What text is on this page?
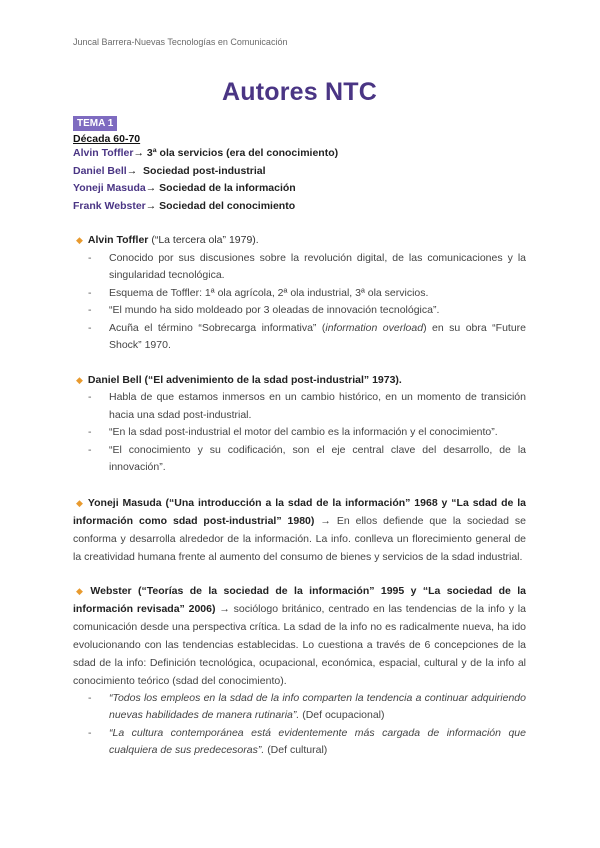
Juncal Barrera-Nuevas Tecnologías en Comunicación
Autores NTC
TEMA 1
Década 60-70
Alvin Toffler→ 3ª ola servicios (era del conocimiento)
Daniel Bell→ Sociedad post-industrial
Yoneji Masuda→ Sociedad de la información
Frank Webster→ Sociedad del conocimiento
◆ Alvin Toffler (“La tercera ola” 1979).
- Conocido por sus discusiones sobre la revolución digital, de las comunicaciones y la singularidad tecnológica.
- Esquema de Toffler: 1ª ola agrícola, 2ª ola industrial, 3ª ola servicios.
- “El mundo ha sido moldeado por 3 oleadas de innovación tecnológica”.
- Acuña el término “Sobrecarga informativa” (information overload) en su obra “Future Shock” 1970.
◆ Daniel Bell (“El advenimiento de la sdad post-industrial” 1973).
- Habla de que estamos inmersos en un cambio histórico, en un momento de transición hacia una sdad post-industrial.
- “En la sdad post-industrial el motor del cambio es la información y el conocimiento”.
- “El conocimiento y su codificación, son el eje central clave del desarrollo, de la innovación”.
◆ Yoneji Masuda (“Una introducción a la sdad de la información” 1968 y “La sdad de la información como sdad post-industrial” 1980) → En ellos defiende que la sociedad se conforma y desarrolla alrededor de la información. La info. conlleva un florecimiento general de la creatividad humana frente al aumento del consumo de bienes y servicios de la sdad industrial.
◆ Webster (“Teorías de la sociedad de la información” 1995 y “La sociedad de la información revisada” 2006) → sociólogo británico, centrado en las tendencias de la info y la comunicación desde una perspectiva crítica. La sdad de la info no es radicalmente nueva, ha ido evolucionando con las tendencias establecidas. Lo cuestiona a través de 6 concepciones de la sdad de la info: Definición tecnológica, ocupacional, económica, espacial, cultural y de la info al conocimiento teórico (sdad del conocimiento).
- “Todos los empleos en la sdad de la info comparten la tendencia a continuar adquiriendo nuevas habilidades de manera rutinaria”. (Def ocupacional)
- “La cultura contemporánea está evidentemente más cargada de información que cualquiera de sus predecesoras”. (Def cultural)
